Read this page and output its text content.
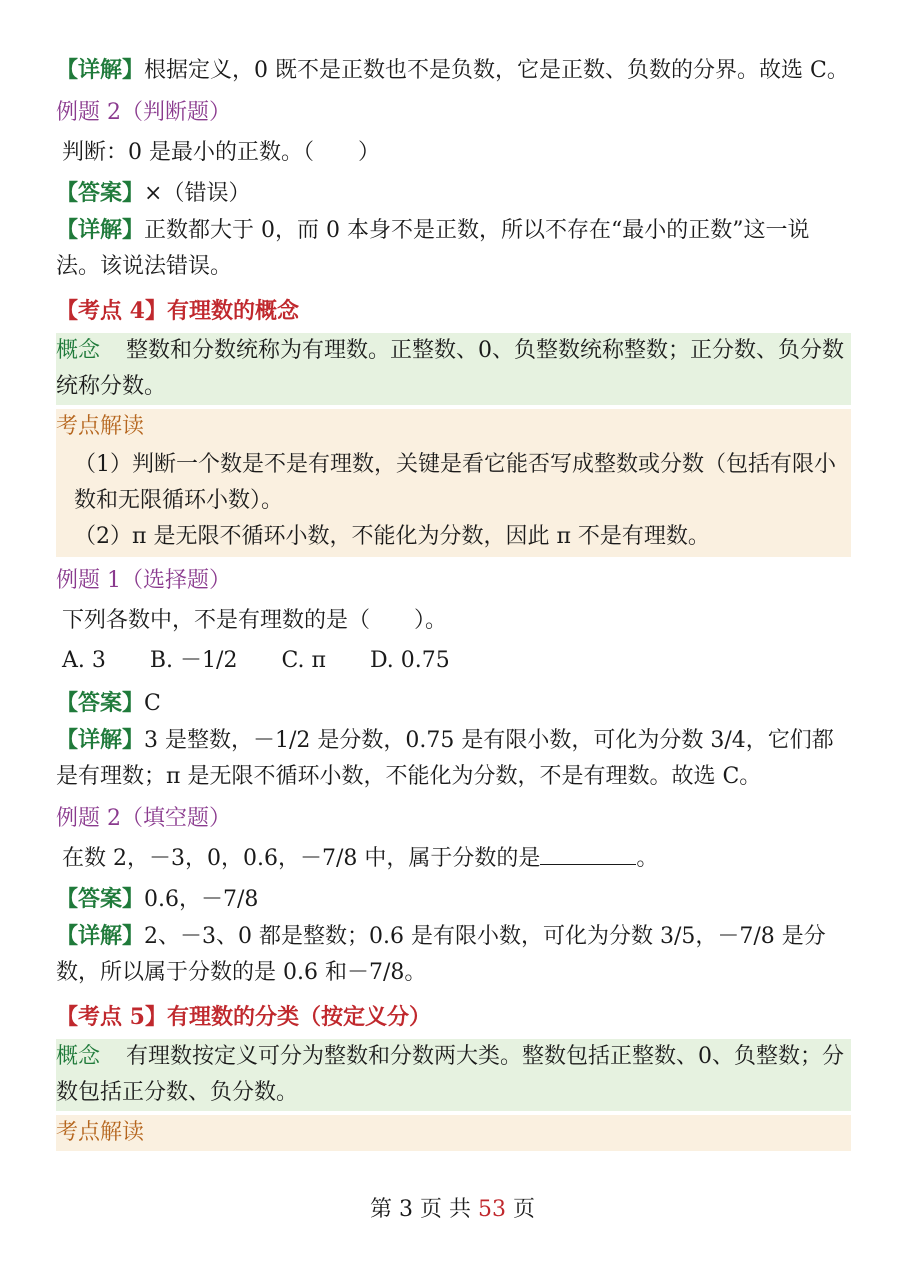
【详解】根据定义，0 既不是正数也不是负数，它是正数、负数的分界。故选 C。

例题 2（判断题）

判断：0 是最小的正数。（　　）

【答案】×（错误）

【详解】正数都大于 0，而 0 本身不是正数，所以不存在“最小的正数”这一说法。该说法错误。

【考点 4】有理数的概念

概念 整数和分数统称为有理数。正整数、0、负整数统称整数；正分数、负分数统称分数。

考点解读

（1）判断一个数是不是有理数，关键是看它能否写成整数或分数（包括有限小数和无限循环小数）。

（2）π 是无限不循环小数，不能化为分数，因此 π 不是有理数。

例题 1（选择题）

下列各数中，不是有理数的是（　　）。

A. 3 B. －1/2 C. π D. 0.75

【答案】C

【详解】3 是整数，－1/2 是分数，0.75 是有限小数，可化为分数 3/4，它们都是有理数；π 是无限不循环小数，不能化为分数，不是有理数。故选 C。

例题 2（填空题）

在数 2，－3，0，0.6，－7/8 中，属于分数的是	。

【答案】0.6，－7/8

【详解】2、－3、0 都是整数；0.6 是有限小数，可化为分数 3/5，－7/8 是分数，所以属于分数的是 0.6 和－7/8。

【考点 5】有理数的分类（按定义分）

概念 有理数按定义可分为整数和分数两大类。整数包括正整数、0、负整数；分数包括正分数、负分数。

考点解读
第 3 页 共 53 页
